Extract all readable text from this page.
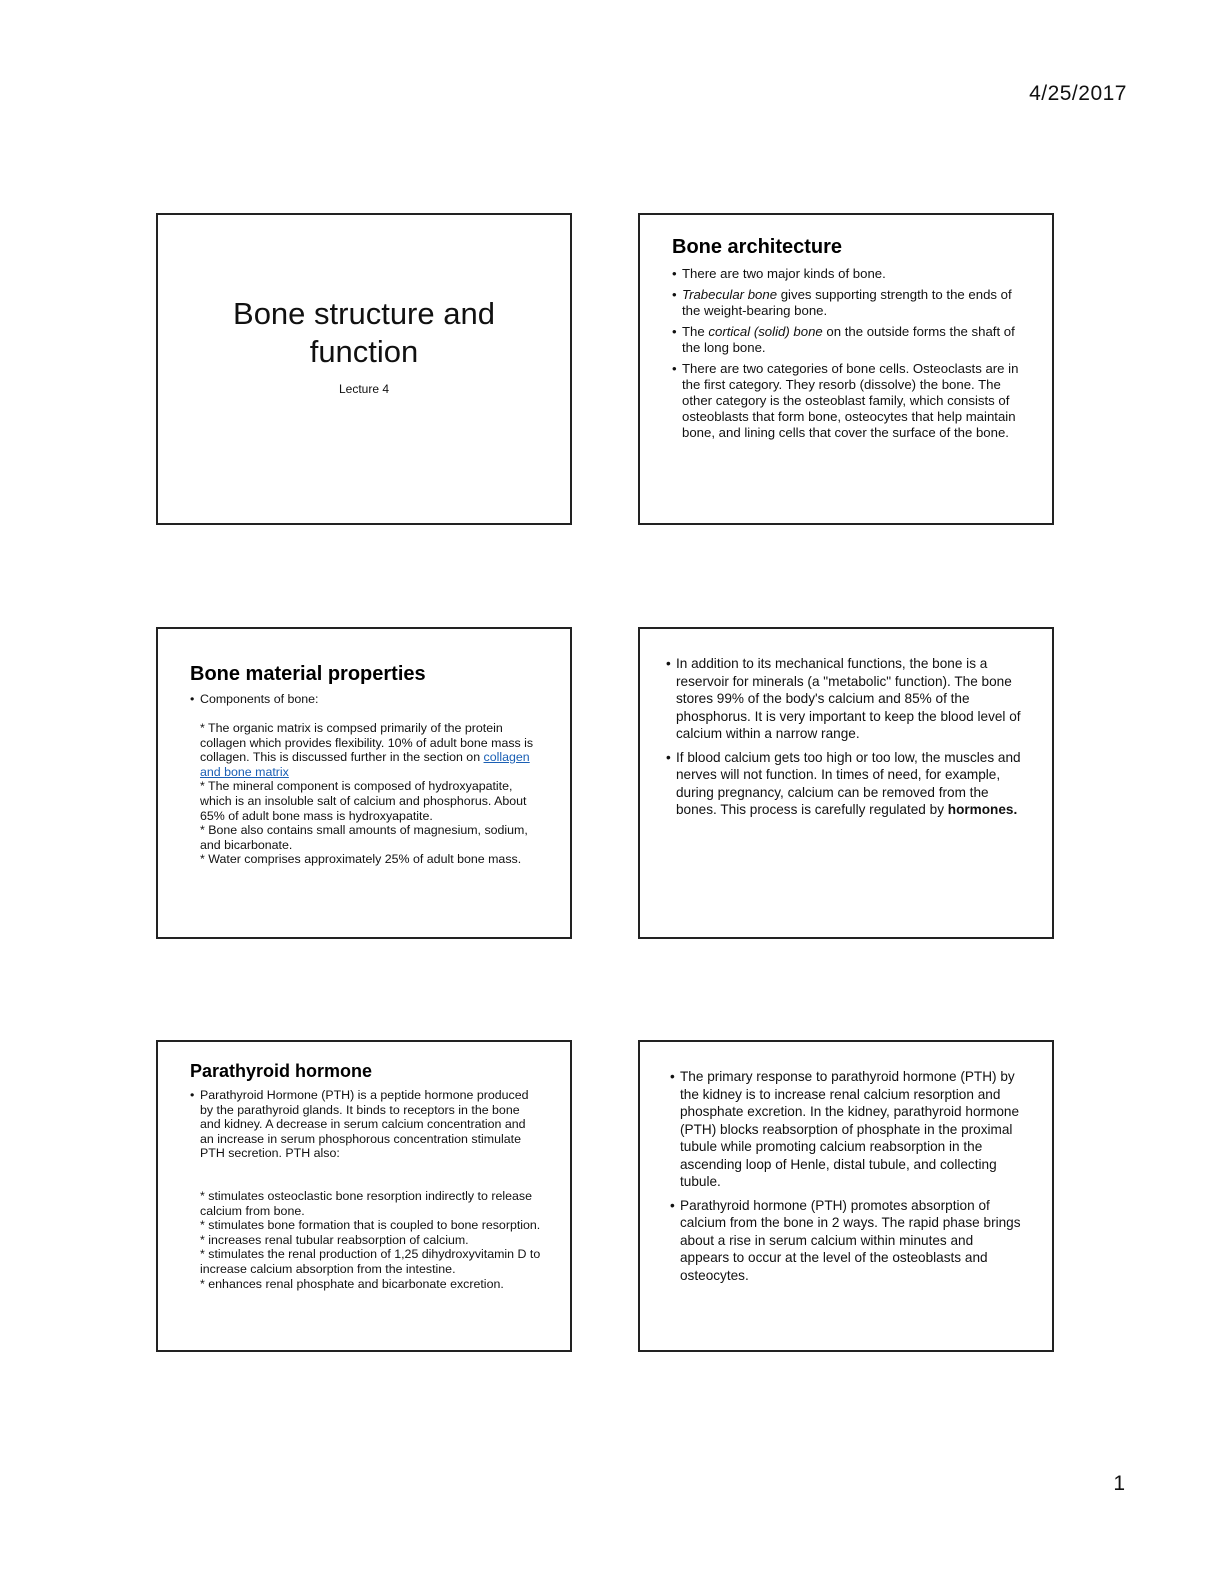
4/25/2017
Bone structure and
function
Lecture 4
Bone architecture
• There are two major kinds of bone.
• Trabecular bone gives supporting strength to the ends of the weight-bearing bone.
• The cortical (solid) bone on the outside forms the shaft of the long bone.
• There are two categories of bone cells. Osteoclasts are in the first category. They resorb (dissolve) the bone. The other category is the osteoblast family, which consists of osteoblasts that form bone, osteocytes that help maintain bone, and lining cells that cover the surface of the bone.
Bone material properties
• Components of bone:

* The organic matrix is compsed primarily of the protein collagen which provides flexibility. 10% of adult bone mass is collagen. This is discussed further in the section on collagen and bone matrix

* The mineral component is composed of hydroxyapatite, which is an insoluble salt of calcium and phosphorus. About 65% of adult bone mass is hydroxyapatite.

* Bone also contains small amounts of magnesium, sodium, and bicarbonate.

* Water comprises approximately 25% of adult bone mass.

• In addition to its mechanical functions, the bone is a reservoir for minerals (a "metabolic" function). The bone stores 99% of the body's calcium and 85% of the phosphorus. It is very important to keep the blood level of calcium within a narrow range.
• If blood calcium gets too high or too low, the muscles and nerves will not function. In times of need, for example, during pregnancy, calcium can be removed from the bones. This process is carefully regulated by hormones.
Parathyroid hormone
• Parathyroid Hormone (PTH) is a peptide hormone produced by the parathyroid glands. It binds to receptors in the bone and kidney. A decrease in serum calcium concentration and an increase in serum phosphorous concentration stimulate PTH secretion. PTH also:

* stimulates osteoclastic bone resorption indirectly to release calcium from bone.

* stimulates bone formation that is coupled to bone resorption.

* increases renal tubular reabsorption of calcium.

* stimulates the renal production of 1,25 dihydroxyvitamin D to increase calcium absorption from the intestine.

* enhances renal phosphate and bicarbonate excretion.

• The primary response to parathyroid hormone (PTH) by the kidney is to increase renal calcium resorption and phosphate excretion. In the kidney, parathyroid hormone (PTH) blocks reabsorption of phosphate in the proximal tubule while promoting calcium reabsorption in the ascending loop of Henle, distal tubule, and collecting tubule.
• Parathyroid hormone (PTH) promotes absorption of calcium from the bone in 2 ways. The rapid phase brings about a rise in serum calcium within minutes and appears to occur at the level of the osteoblasts and osteocytes.
1
